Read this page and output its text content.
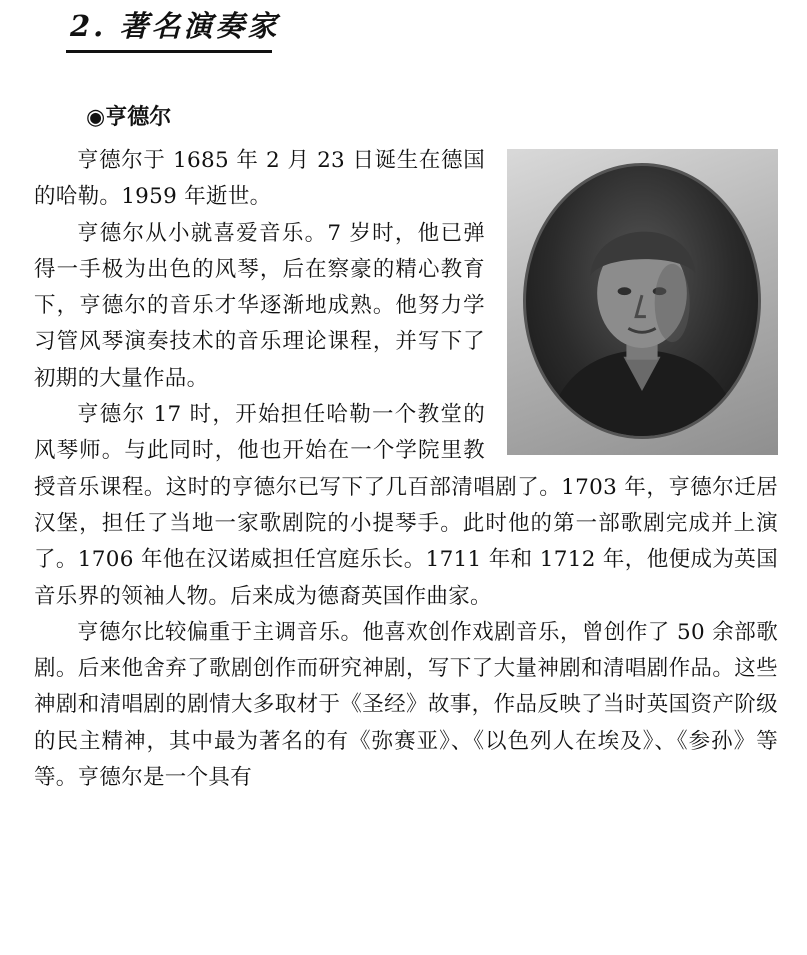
2. 著名演奏家
◉亨德尔

亨德尔于 1685 年 2 月 23 日诞生在德国的哈勒。1959 年逝世。

亨德尔从小就喜爱音乐。7 岁时，他已弹得一手极为出色的风琴，后在察豪的精心教育下，亨德尔的音乐才华逐渐地成熟。他努力学习管风琴演奏技术的音乐理论课程，并写下了初期的大量作品。

亨德尔 17 时，开始担任哈勒一个教堂的风琴师。与此同时，他也开始在一个学院里教授音乐课程。这时的亨德尔已写下了几百部清唱剧了。1703 年，亨德尔迁居汉堡，担任了当地一家歌剧院的小提琴手。此时他的第一部歌剧完成并上演了。1706 年他在汉诺威担任宫庭乐长。1711 年和 1712 年，他便成为英国音乐界的领袖人物。后来成为德裔英国作曲家。

亨德尔比较偏重于主调音乐。他喜欢创作戏剧音乐，曾创作了 50 余部歌剧。后来他舍弃了歌剧创作而研究神剧，写下了大量神剧和清唱剧作品。这些神剧和清唱剧的剧情大多取材于《圣经》故事，作品反映了当时英国资产阶级的民主精神，其中最为著名的有《弥赛亚》、《以色列人在埃及》、《参孙》等等。亨德尔是一个具有
